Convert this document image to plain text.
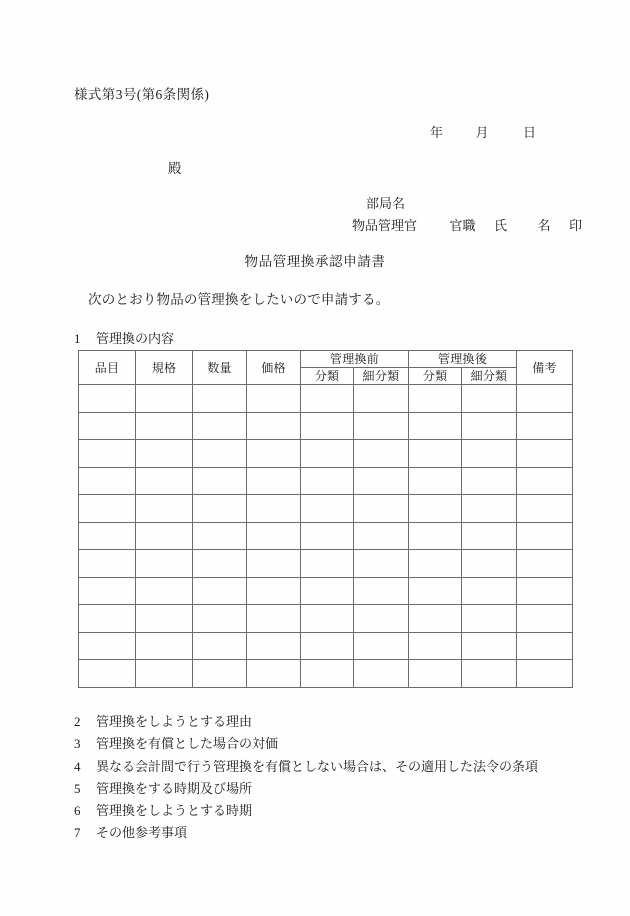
様式第3号(第6条関係)
年	月	日
殿
部局名
物品管理官	官職 氏 名 印
物品管理換承認申請書
次のとおり物品の管理換をしたいので申請する。
1 管理換の内容
品目	規格	数量	価格	管理換前		管理換後		備考
				分類	細分類	分類	細分類	

2 管理換をしようとする理由
3 管理換を有償とした場合の対価
4 異なる会計間で行う管理換を有償としない場合は、その適用した法令の条項
5 管理換をする時期及び場所
6 管理換をしようとする時期
7 その他参考事項
